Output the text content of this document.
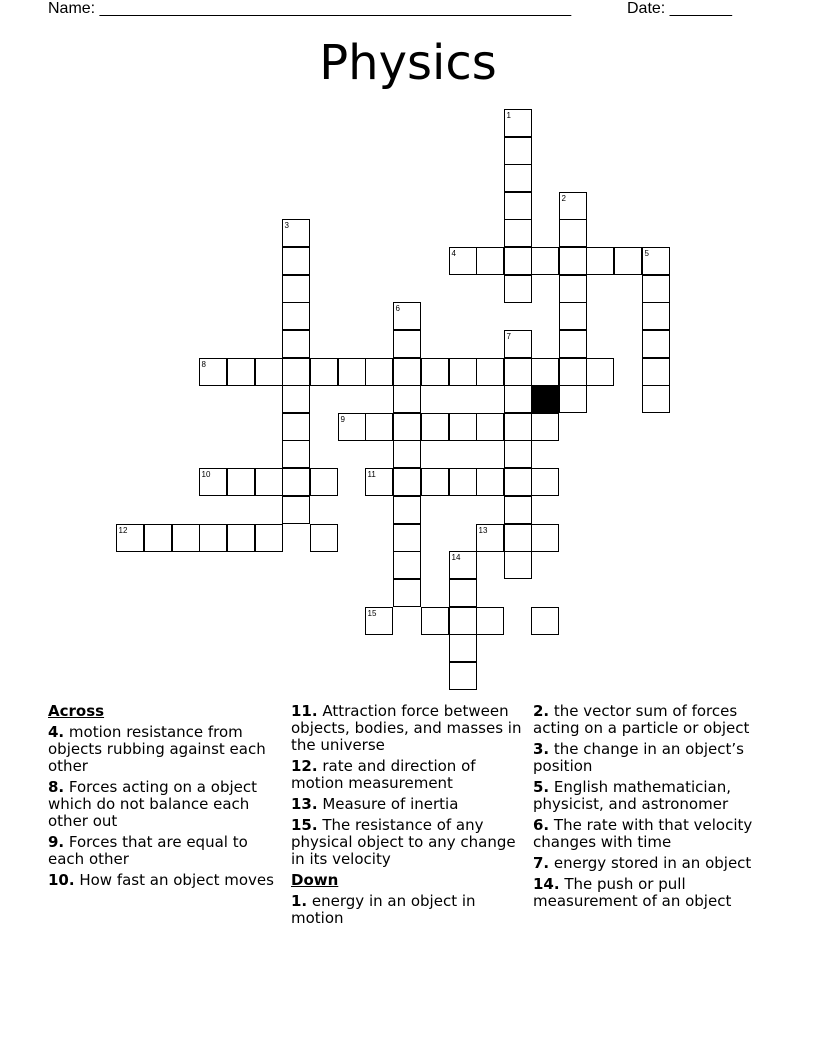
Name: _____________________________________________________	Date: _______
Physics
1
2
3
4	5
6
7
8
9
10	11
12	13
14
15
Across
4. motion resistance from objects rubbing against each other
8. Forces acting on a object which do not balance each other out
9. Forces that are equal to each other
10. How fast an object moves
11. Attraction force between objects, bodies, and masses in the universe
12. rate and direction of motion measurement
13. Measure of inertia
15. The resistance of any physical object to any change in its velocity
Down
1. energy in an object in motion
2. the vector sum of forces acting on a particle or object
3. the change in an object’s position
5. English mathematician, physicist, and astronomer
6. The rate with that velocity changes with time
7. energy stored in an object
14. The push or pull measurement of an object
